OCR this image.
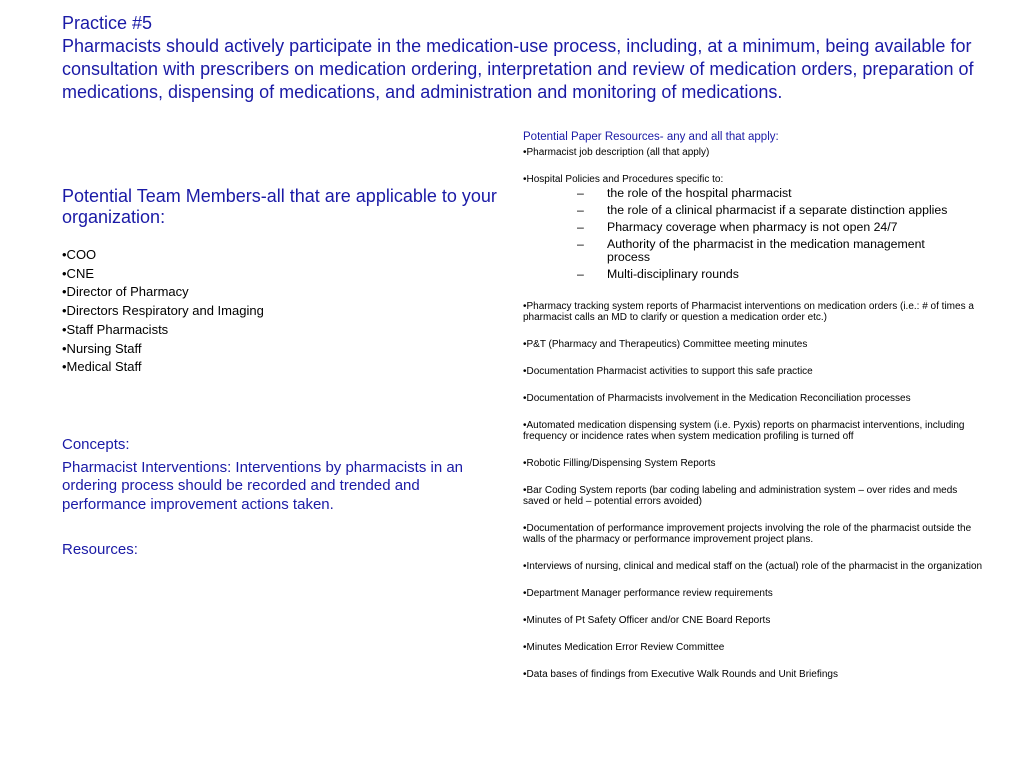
Practice #5
Pharmacists should actively participate in the medication-use process, including, at a minimum, being available for consultation with prescribers on medication ordering, interpretation and review of medication orders, preparation of medications, dispensing of medications, and administration and monitoring of medications.
Potential Team Members-all that are applicable to your organization:
•COO
•CNE
•Director of Pharmacy
•Directors Respiratory and Imaging
•Staff Pharmacists
•Nursing Staff
•Medical Staff
Concepts:
Pharmacist Interventions: Interventions by pharmacists in an ordering process should be recorded and trended and performance improvement actions taken.
Resources:
Potential Paper Resources- any and all that apply:

•Pharmacist job description (all that apply)

•Hospital Policies and Procedures specific to:

– the role of the hospital pharmacist
– the role of a clinical pharmacist if a separate distinction applies
– Pharmacy coverage when pharmacy is not open 24/7
– Authority of the pharmacist in the medication management process
– Multi-disciplinary rounds

•Pharmacy tracking system reports of Pharmacist interventions on medication orders (i.e.: # of times a pharmacist calls an MD to clarify or question a medication order etc.)

•P&T (Pharmacy and Therapeutics) Committee meeting minutes

•Documentation Pharmacist activities to support this safe practice

•Documentation of Pharmacists involvement in the Medication Reconciliation processes

•Automated medication dispensing system (i.e. Pyxis) reports on pharmacist interventions, including frequency or incidence rates when system medication profiling is turned off

•Robotic Filling/Dispensing System Reports

•Bar Coding System reports (bar coding labeling and administration system – over rides and meds saved or held – potential errors avoided)

•Documentation of performance improvement projects involving the role of the pharmacist outside the walls of the pharmacy or performance improvement project plans.

•Interviews of nursing, clinical and medical staff on the (actual) role of the pharmacist in the organization

•Department Manager performance review requirements

•Minutes of Pt Safety Officer and/or CNE Board Reports

•Minutes Medication Error Review Committee

•Data bases of findings from Executive Walk Rounds and Unit Briefings
